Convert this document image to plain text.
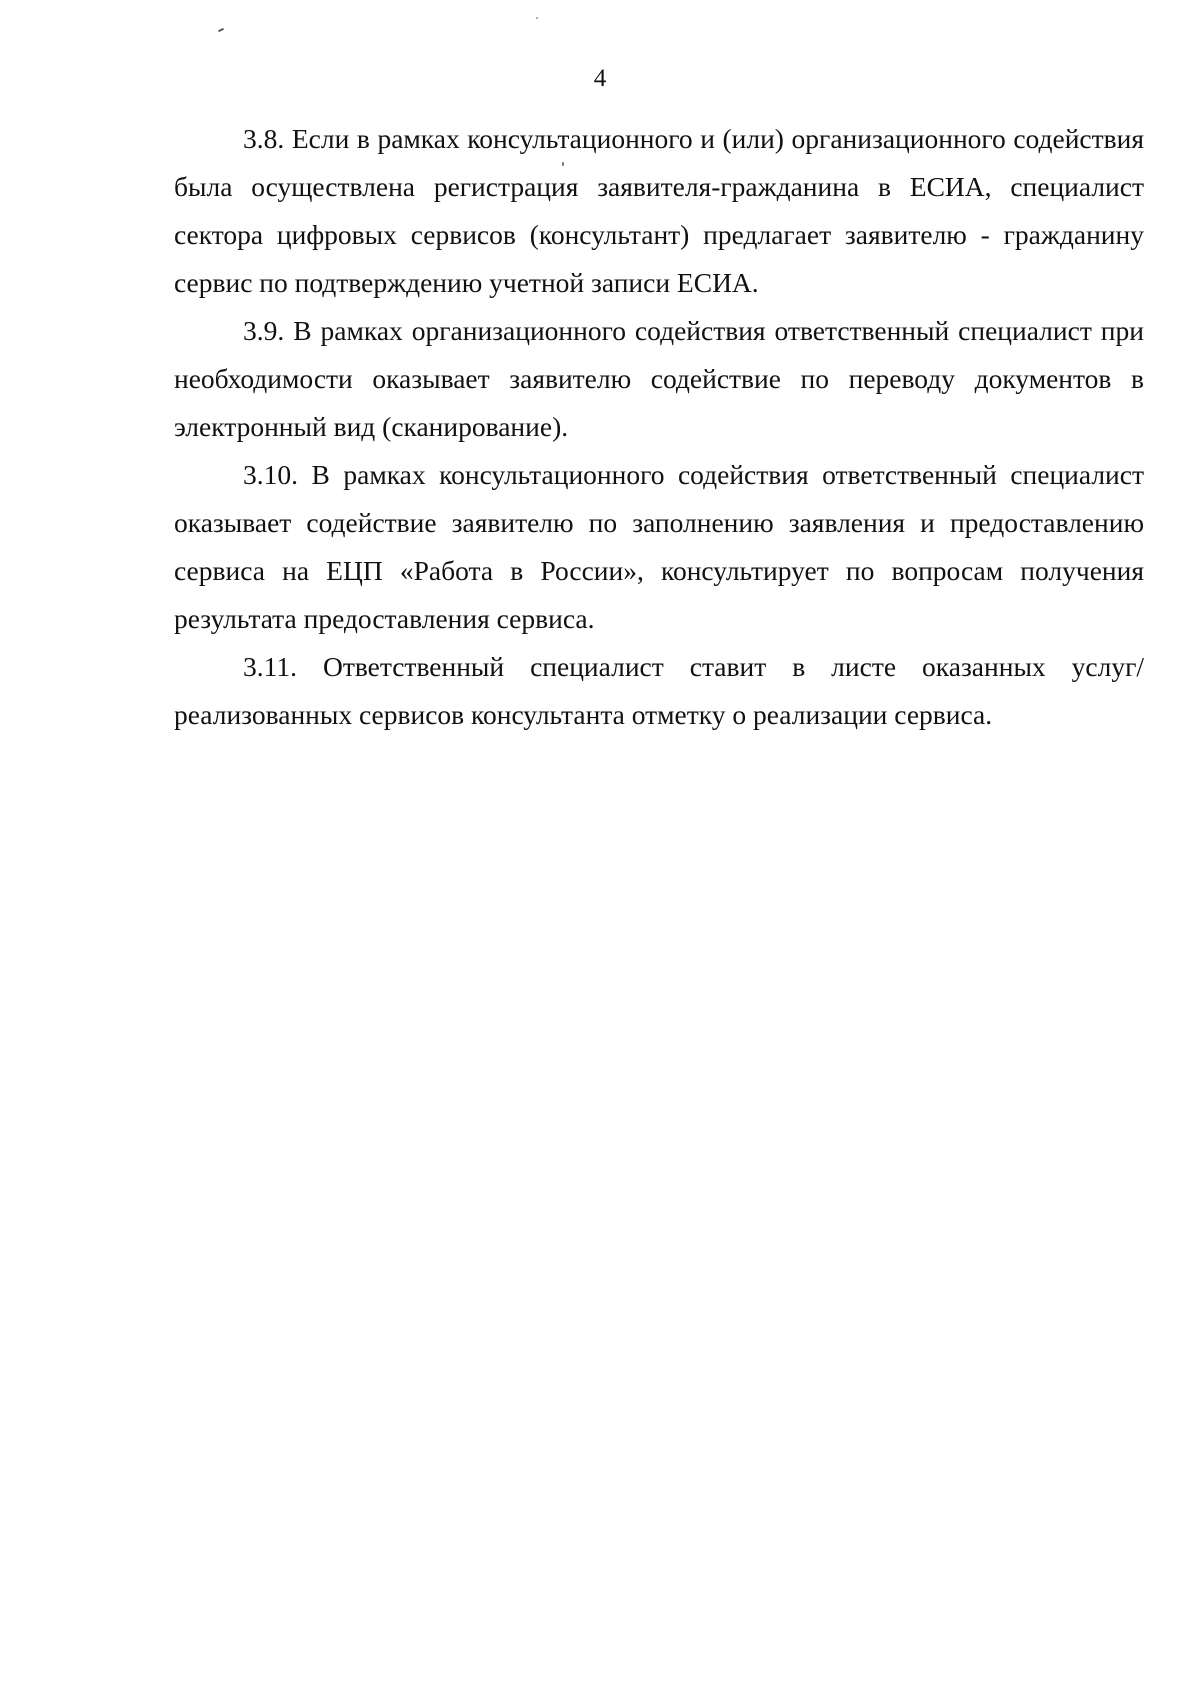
4

3.8. Если в рамках консультационного и (или) организационного содействия была осуществлена регистрация заявителя-гражданина в ЕСИА, специалист сектора цифровых сервисов (консультант) предлагает заявителю - гражданину сервис по подтверждению учетной записи ЕСИА.

3.9. В рамках организационного содействия ответственный специалист при необходимости оказывает заявителю содействие по переводу документов в электронный вид (сканирование).

3.10. В рамках консультационного содействия ответственный специалист оказывает содействие заявителю по заполнению заявления и предоставлению сервиса на ЕЦП «Работа в России», консультирует по вопросам получения результата предоставления сервиса.

3.11. Ответственный специалист ставит в листе оказанных услуг/ реализованных сервисов консультанта отметку о реализации сервиса.
